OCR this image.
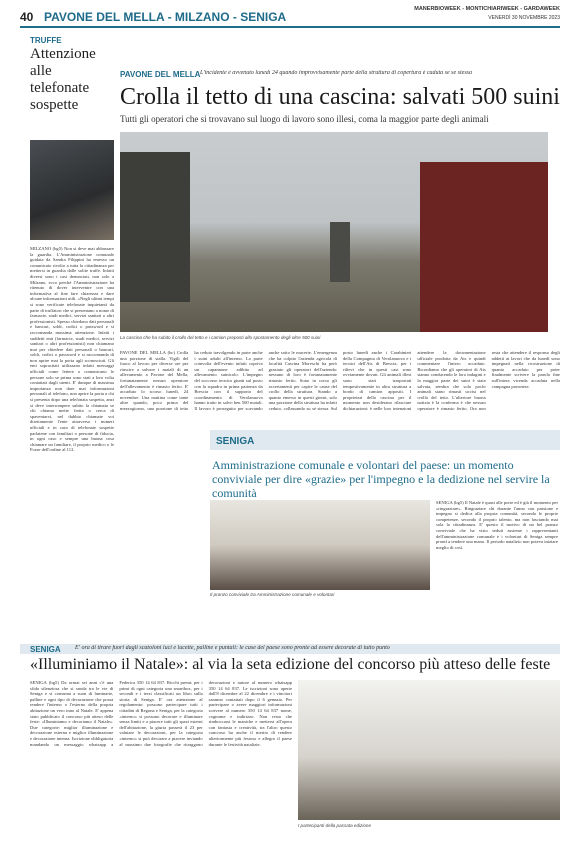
40 PAVONE DEL MELLA - MILZANO - SENIGA
MANERBIOWEEK - MONTICHIARIWEEK - GARDAWEEK
VENERDÌ 30 NOVEMBRE 2023
TRUFFE
Attenzione alle telefonate sospette
MILZANO (bg5) Non si deve mai abbassare la guardia. L'Amministrazione comunale guidata da Sandra Filippini ha emesso un comunicato rivolto a tutta la cittadinanza per mettersi in guardia dalle solite truffe. Infatti diversi sono i casi denunciati, non solo a Milzano, ecco perché l'Amministrazione ha ritenuto di dover intervenire con una informativa al fine fare chiarezza e dare alcune informazioni utili. «Negli ultimi tempi si sono verificate telefonate inquietanti da parte di truffatori che si presentano a nome di farmacie, studi medici, servizi sanitari o altri professionisti. Spesso chiedono dati personali e bancari, soldi, codici o password e si raccomanda massima attenzione. Infatti i suddetti enti (farmacie, studi medici, servizi sanitari o altri professionisti) non chiamano mai per chiedere dati personali o bancari, soldi, codici o password e si raccomanda di non aprire mai la porta agli sconosciuti. Gli enti sopracitati utilizzano infatti messaggi ufficiali come lettere o comunicano le persone solo se prima sono stati a loro volta contattati dagli utenti. E' dunque di massima importanza non dare mai informazioni personali al telefono, non aprire la porta a chi si presenta dopo una telefonata sospetta, anzi si deve interrompere subito la chiamata se chi chiama mette fretta o cerca di spaventarvi, nel dubbio chiamate voi direttamente l'ente attraverso i numeri ufficiali e in caso di telefonate sospette parlatene con familiari o persone di fiducia, in ogni caso e sempre una buona cosa chiamare un familiare, il proprio medico o le Forze dell'ordine al 112.
PAVONE DEL MELLA L'incidente è avvenuto lunedì 24 quando improvvisamente parte della struttura di copertura è caduta se se stessa
Crolla il tetto di una cascina: salvati 500 suini
Tutti gli operatori che si trovavano sul luogo di lavoro sono illesi, coma la maggior parte degli animali
La cascina che ha subito il crollo del tetto e i camion preposti allo spostamento degli oltre 500 suini
PAVONE DEL MELLA (bc) Crolla una porzione di stalla. Vigili del fuoco al lavoro per diverse ore per riuscire a salvare i maiali di un allevamento a Pavone del Mella, fortunatamente nessun operatore dell'allevamento è rimasto ferito. E' accaduto lo scorso lunedì, 24 novembre. Una mattina come tante altre quando, poco prima del mezzogiorno, una porzione di tetto ha ceduto travolgendo in parte anche i suini adulti all'interno. La parte coinvolta dell'evento infatti copriva un capannone adibito ad allevamento suinicolo. L'impegno del soccorso tecnico giunti sul posto con la squadra in prima partenza da Brescia con il supporto del coordinamento di Verolanuova hanno tratto in salvo ben 500 maiali. Il lavoro è proseguito per scavando anche sotto le macerie. L'emergenza che ha colpito l'azienda agricola di località Cascina Moreschi ha però graziato gli operatori dell'azienda: nessuno di loro è fortunatamente rimasto ferito. Sono in corso gli accertamenti per capire le cause del crollo della struttura. Stando a quanto emerso in questi giorni, solo una porzione della struttura ha infatti ceduto, collassando su sé stessa. Sul posto lunedì anche i Carabinieri della Compagnia di Verolanuova e i tecnici dell'Ats di Brescia, per i rilievi che in questi casi sono ovviamente dovuti. Gli animali illesi sono stati trasportati tempestivamente in altra struttura a bordo di camion appositi. I proprietari della cascina per il momento non desiderano rilasciare dichiarazioni: è nelle loro intenzioni attendere la documentazione ufficiale prodotta da Ats e quindi commentare l'intero accaduto. Ricordiamo che gli operatori di Ats stanno conducendo le loro indagini e la maggior parte dei suini è stata salvata, sembra che solo pochi animali siano rimasti uccisi nel crollo del tetto. L'ulteriore buona notizia è la conferma è che nessun operatore è rimasto ferito. Ora non resta che attendere il responso degli addetti ai lavori che da lunedì sono impegnati nella ricostruzione di quanto accaduto per poter finalmente scrivere la parola fine sull'intera vicenda accaduta nella campagna pavonese.
SENIGA
Amministrazione comunale e volontari del paese: un momento conviviale per dire «grazie» per l'impegno e la dedizione nel servire la comunità
Il pranzo conviviale tra Amministrazione comunale e volontari
SENIGA (bg5) Il Natale è quasi alle porte ed è già il momento per «ringraziare». Ringraziare chi durante l'anno con passione e impegno si dedica alla propria comunità, secondo le proprie competenze, secondo il proprio talento, ma non lasciando mai sola la cittadinanza. E' questo il motivo di un bel pranzo conviviale che ha visto seduti assieme i rappresentanti dell'amministrazione comunale e i volontari di Seniga sempre pronti a tendere una mano. Il periodo natalizio non poteva iniziare meglio di così.
SENIGA E' ora di tirare fuori dagli scatoloni luci e lucette, palline e puntali: le case del paese sono pronte ad essere decorate di tutto punto
«Illuminiamo il Natale»: al via la seta edizione del concorso più atteso delle feste
SENIGA (bg5) Da ormai sei anni c'è una sfida silenziosa che si snoda tra le vie di Seniga e si consuma a suon di luminarie, palline e ogni tipo di decorazione che possa rendere l'interno o l'esterno della propria abitazione un vero inno al Natale. E' appena stato pubblicato il concorso più atteso delle feste: «Illuminiamo e decoriamo il Natale». Due categorie: miglior illuminazione e decorazione esterna e miglior illuminazione e decorazione interna. Iscrizione obbligatoria mandando un messaggio whatsapp a Federica 350 14 64 837. Ricchi premi: per i primi di ogni categoria una smartbox, per i secondi e i terzi classificati un libro sulla storia di Seniga. E' ora attenzione al regolamento: possono partecipare tutti i cittadini di Regona e Seniga, per la categoria «interno» si possono decorare e illuminare senza limiti e a piacere tutti gli spazi esterni dell'abitazione, la giuria passerà il 23 per valutare le decorazioni, per la categoria «interno» si può decorare a piacere inviando al massimo due fotografie che ritraggono decorazioni e autore al numero whatsapp 350 14 64 837. Le iscrizioni sono aperte dall'8 dicembre al 22 dicembre e i vincitori saranno contattati dopo il 6 gennaio. Per partecipare o avere maggiori informazioni scrivere al numero 350 14 64 837 nome, cognome e indirizzo. Non resta che rimboccarsi le maniche e mettersi all'opera con fantasia e creatività, tra l'altro questo concorso ha anche il merito di rendere ulteriormente più festoso e allegro il paese durante le festività natalizie.
I partecipanti della passata edizione
